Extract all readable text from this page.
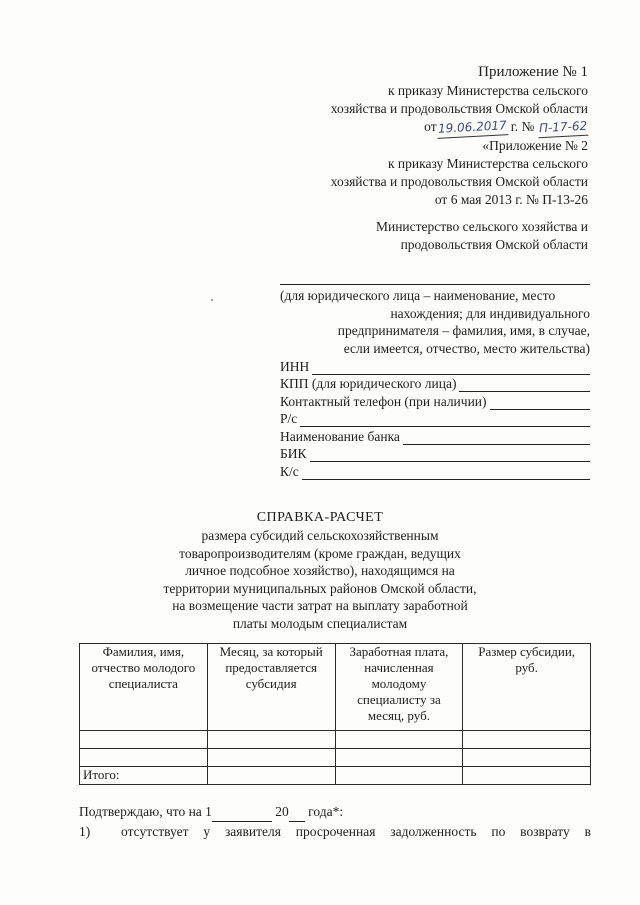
Приложение № 1
к приказу Министерства сельского
хозяйства и продовольствия Омской области
от19.06.2017 г. № П-17-62
«Приложение № 2
к приказу Министерства сельского
хозяйства и продовольствия Омской области
от 6 мая 2013 г. № П-13-26
Министерство сельского хозяйства и
продовольствия Омской области
(для юридического лица – наименование, место
нахождения; для индивидуального
предпринимателя – фамилия, имя, в случае,
если имеется, отчество, место жительства)
ИНН
КПП (для юридического лица)
Контактный телефон (при наличии)
Р/с
Наименование банка
БИК
К/с
СПРАВКА-РАСЧЕТ
размера субсидий сельскохозяйственным
товаропроизводителям (кроме граждан, ведущих
личное подсобное хозяйство), находящимся на
территории муниципальных районов Омской области,
на возмещение части затрат на выплату заработной
платы молодым специалистам
Фамилия, имя, отчество молодого специалиста	Месяц, за который предоставляется субсидия	Заработная плата, начисленная молодому специалисту за месяц, руб.	Размер субсидии, руб.

Итого:			
Подтверждаю, что на 1	20 года*:
1)	отсутствует у заявителя просроченная задолженность по возврату в
